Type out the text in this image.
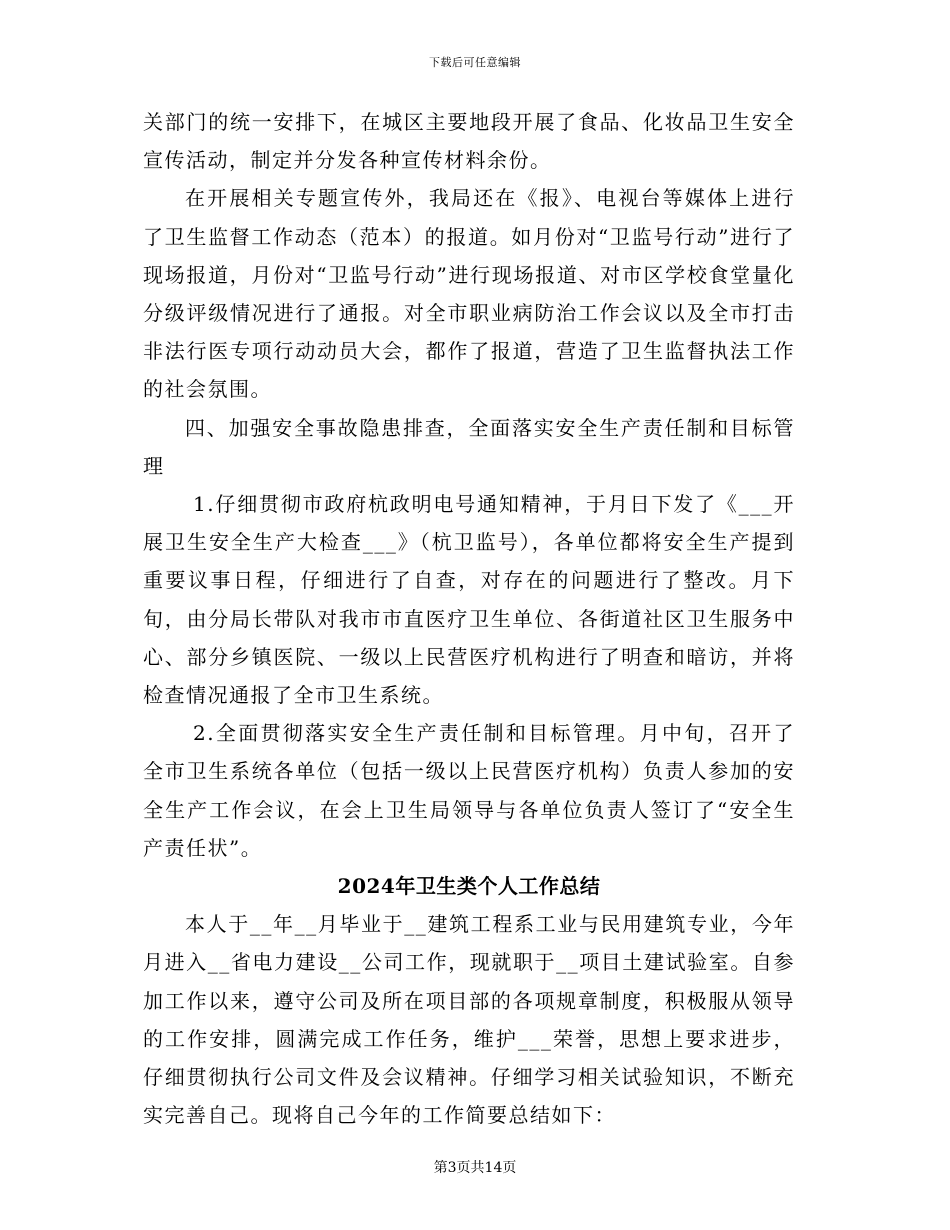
下载后可任意编辑

关部门的统一安排下，在城区主要地段开展了食品、化妆品卫生安全宣传活动，制定并分发各种宣传材料余份。

在开展相关专题宣传外，我局还在《报》、电视台等媒体上进行了卫生监督工作动态（范本）的报道。如月份对“卫监号行动”进行了现场报道，月份对“卫监号行动”进行现场报道、对市区学校食堂量化分级评级情况进行了通报。对全市职业病防治工作会议以及全市打击非法行医专项行动动员大会，都作了报道，营造了卫生监督执法工作的社会氛围。

四、加强安全事故隐患排查，全面落实安全生产责任制和目标管理

1.仔细贯彻市政府杭政明电号通知精神，于月日下发了《___开展卫生安全生产大检查___》（杭卫监号），各单位都将安全生产提到重要议事日程，仔细进行了自查，对存在的问题进行了整改。月下旬，由分局长带队对我市市直医疗卫生单位、各街道社区卫生服务中心、部分乡镇医院、一级以上民营医疗机构进行了明查和暗访，并将检查情况通报了全市卫生系统。

2.全面贯彻落实安全生产责任制和目标管理。月中旬，召开了全市卫生系统各单位（包括一级以上民营医疗机构）负责人参加的安全生产工作会议，在会上卫生局领导与各单位负责人签订了“安全生产责任状”。

2024年卫生类个人工作总结

本人于__年__月毕业于__建筑工程系工业与民用建筑专业，今年月进入__省电力建设__公司工作，现就职于__项目土建试验室。自参加工作以来，遵守公司及所在项目部的各项规章制度，积极服从领导的工作安排，圆满完成工作任务，维护___荣誉，思想上要求进步，仔细贯彻执行公司文件及会议精神。仔细学习相关试验知识，不断充实完善自己。现将自己今年的工作简要总结如下：

第3页共14页
